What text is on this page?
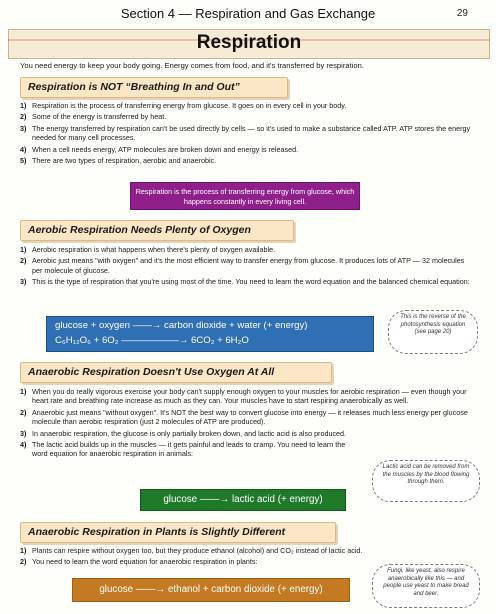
Section 4 — Respiration and Gas Exchange	29
Respiration
You need energy to keep your body going. Energy comes from food, and it's transferred by respiration.
Respiration is NOT “Breathing In and Out”
1) Respiration is the process of transferring energy from glucose. It goes on in every cell in your body.
2) Some of the energy is transferred by heat.
3) The energy transferred by respiration can't be used directly by cells — so it's used to make a substance called ATP. ATP stores the energy needed for many cell processes.
4) When a cell needs energy, ATP molecules are broken down and energy is released.
5) There are two types of respiration, aerobic and anaerobic.
Respiration is the process of transferring energy from glucose, which happens constantly in every living cell.
Aerobic Respiration Needs Plenty of Oxygen
1) Aerobic respiration is what happens when there's plenty of oxygen available.
2) Aerobic just means "with oxygen" and it's the most efficient way to transfer energy from glucose. It produces lots of ATP — 32 molecules per molecule of glucose.
3) This is the type of respiration that you're using most of the time. You need to learn the word equation and the balanced chemical equation:
glucose + oxygen ——→ carbon dioxide + water (+ energy)
C₆H₁₂O₆ + 6O₂ ——————→ 6CO₂ + 6H₂O
This is the reverse of the photosynthesis equation (see page 20)
Anaerobic Respiration Doesn't Use Oxygen At All
1) When you do really vigorous exercise your body can't supply enough oxygen to your muscles for aerobic respiration — even though your heart rate and breathing rate increase as much as they can. Your muscles have to start respiring anaerobically as well.
2) Anaerobic just means "without oxygen". It's NOT the best way to convert glucose into energy — it releases much less energy per glucose molecule than aerobic respiration (just 2 molecules of ATP are produced).
3) In anaerobic respiration, the glucose is only partially broken down, and lactic acid is also produced.
4) The lactic acid builds up in the muscles — it gets painful and leads to cramp. You need to learn the word equation for anaerobic respiration in animals:
glucose ——→ lactic acid (+ energy)
Lactic acid can be removed from the muscles by the blood flowing through them.
Anaerobic Respiration in Plants is Slightly Different
1) Plants can respire without oxygen too, but they produce ethanol (alcohol) and CO₂ instead of lactic acid.
2) You need to learn the word equation for anaerobic respiration in plants:
glucose ——→ ethanol + carbon dioxide (+ energy)
Fungi, like yeast, also respire anaerobically like this — and people use yeast to make bread and beer.
